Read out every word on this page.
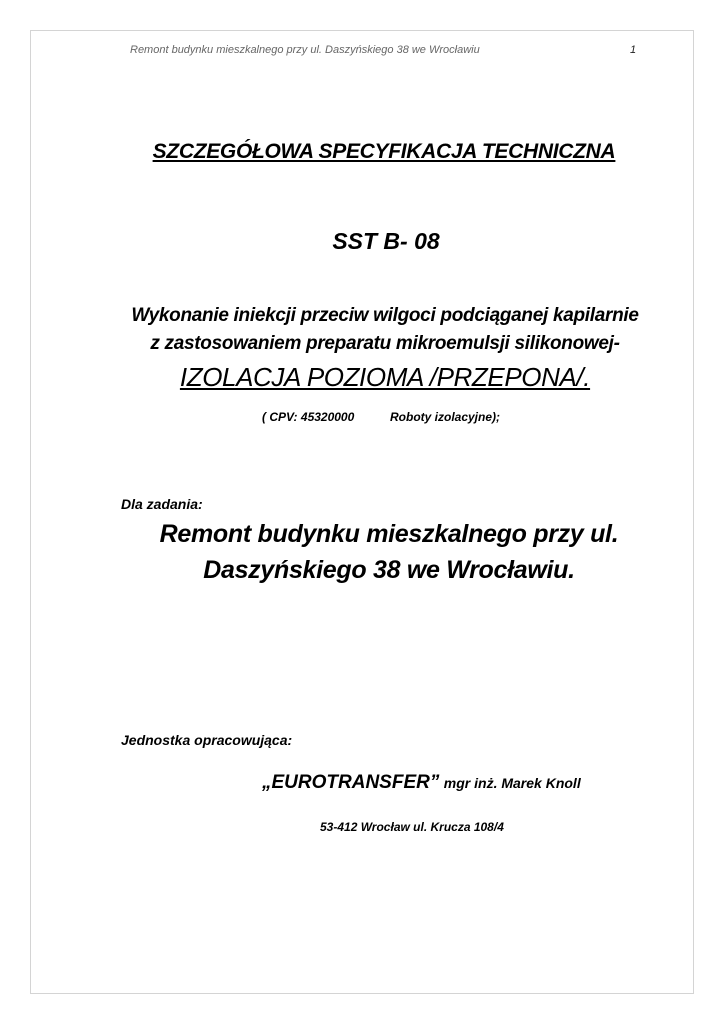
Remont budynku mieszkalnego przy ul. Daszyńskiego 38 we Wrocławiu	1
SZCZEGÓŁOWA SPECYFIKACJA TECHNICZNA
SST B- 08
Wykonanie iniekcji przeciw wilgoci podciąganej kapilarnie
z zastosowaniem preparatu mikroemulsji silikonowej-
IZOLACJA POZIOMA /PRZEPONA/.
( CPV: 45320000	Roboty izolacyjne);
Dla zadania:
Remont budynku mieszkalnego przy ul.
Daszyńskiego 38 we Wrocławiu.
Jednostka opracowująca:
„EUROTRANSFER” mgr inż. Marek Knoll
53-412 Wrocław ul. Krucza 108/4
